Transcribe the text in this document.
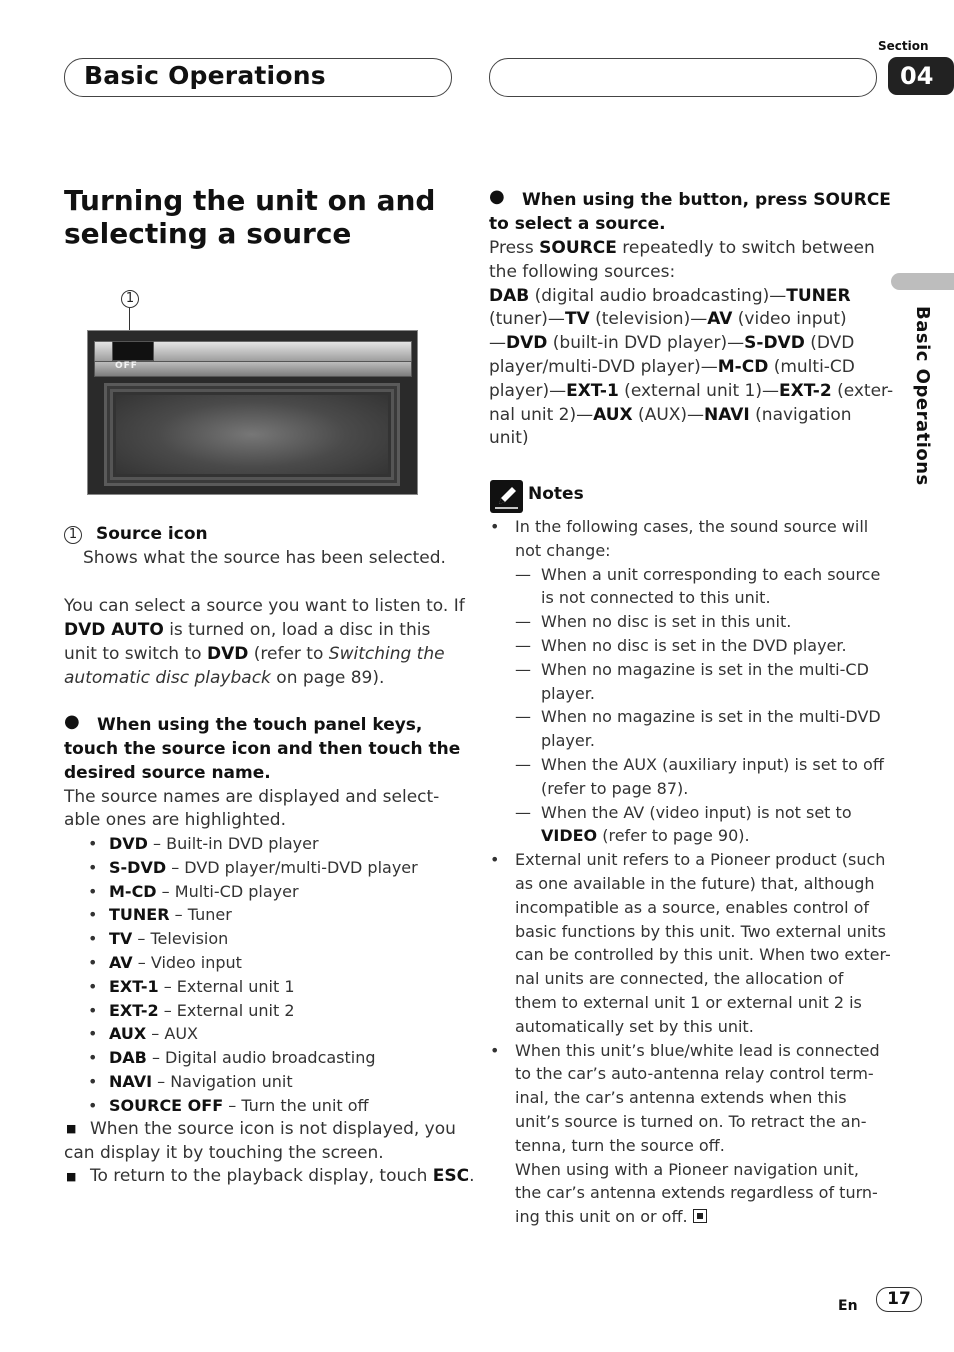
Basic Operations
Section
04
Basic Operations
Turning the unit on and selecting a source
1
OFF
1 Source icon
Shows what the source has been selected.
You can select a source you want to listen to. If
DVD AUTO is turned on, load a disc in this
unit to switch to DVD (refer to Switching the
automatic disc playback on page 89).
● When using the touch panel keys,
touch the source icon and then touch the
desired source name.
The source names are displayed and select-
able ones are highlighted.
• DVD – Built-in DVD player
• S-DVD – DVD player/multi-DVD player
• M-CD – Multi-CD player
• TUNER – Tuner
• TV – Television
• AV – Video input
• EXT-1 – External unit 1
• EXT-2 – External unit 2
• AUX – AUX
• DAB – Digital audio broadcasting
• NAVI – Navigation unit
• SOURCE OFF – Turn the unit off
■ When the source icon is not displayed, you
can display it by touching the screen.
■ To return to the playback display, touch ESC.
● When using the button, press SOURCE
to select a source.
Press SOURCE repeatedly to switch between
the following sources:
DAB (digital audio broadcasting)—TUNER
(tuner)—TV (television)—AV (video input)
—DVD (built-in DVD player)—S-DVD (DVD
player/multi-DVD player)—M-CD (multi-CD
player)—EXT-1 (external unit 1)—EXT-2 (exter-
nal unit 2)—AUX (AUX)—NAVI (navigation
unit)
Notes
• In the following cases, the sound source will
not change:
— When a unit corresponding to each source
is not connected to this unit.
— When no disc is set in this unit.
— When no disc is set in the DVD player.
— When no magazine is set in the multi-CD
player.
— When no magazine is set in the multi-DVD
player.
— When the AUX (auxiliary input) is set to off
(refer to page 87).
— When the AV (video input) is not set to
VIDEO (refer to page 90).
• External unit refers to a Pioneer product (such
as one available in the future) that, although
incompatible as a source, enables control of
basic functions by this unit. Two external units
can be controlled by this unit. When two exter-
nal units are connected, the allocation of
them to external unit 1 or external unit 2 is
automatically set by this unit.
• When this unit’s blue/white lead is connected
to the car’s auto-antenna relay control term-
inal, the car’s antenna extends when this
unit’s source is turned on. To retract the an-
tenna, turn the source off.
When using with a Pioneer navigation unit,
the car’s antenna extends regardless of turn-
ing this unit on or off.
En	17
